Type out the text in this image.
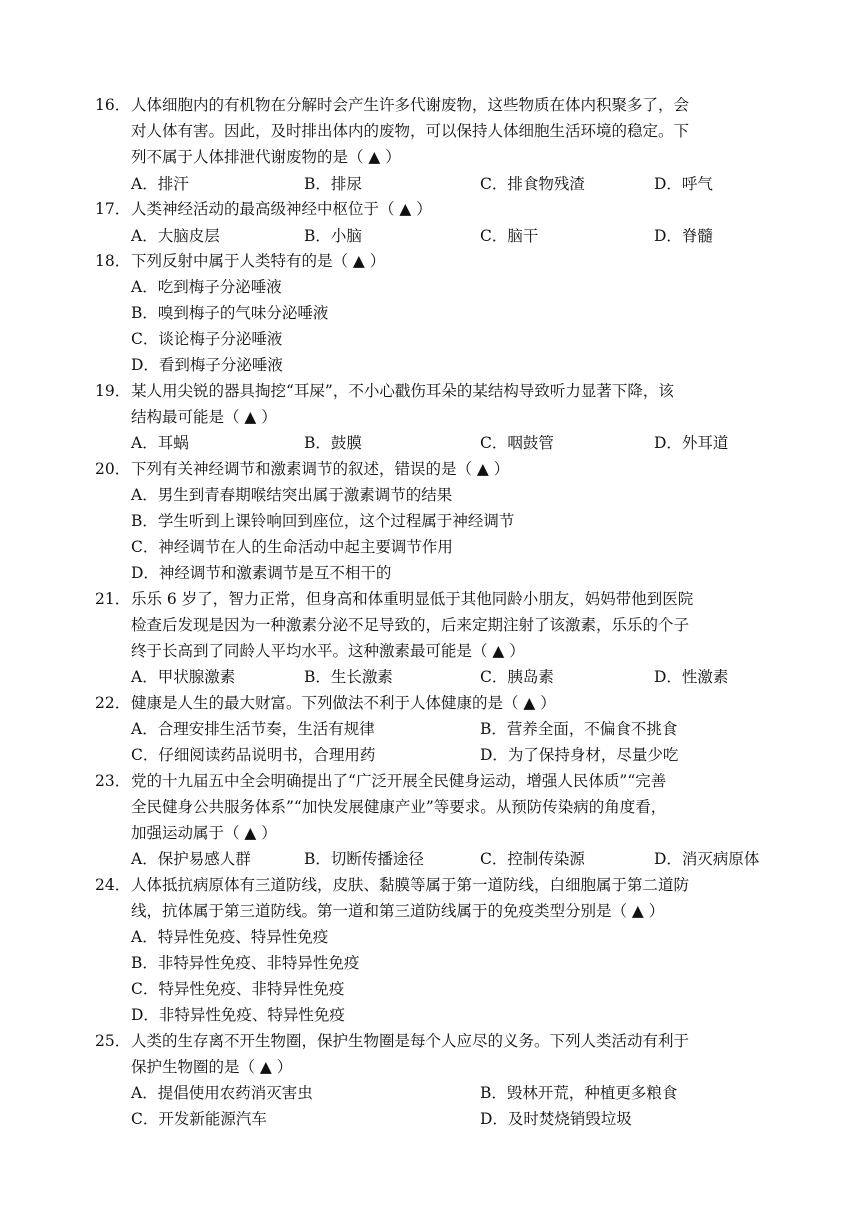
16． 人体细胞内的有机物在分解时会产生许多代谢废物，这些物质在体内积聚多了，会
对人体有害。因此，及时排出体内的废物，可以保持人体细胞生活环境的稳定。下
列不属于人体排泄代谢废物的是（ ▲ ）
A．排汗	B．排尿	C．排食物残渣	D．呼气
17． 人类神经活动的最高级神经中枢位于（ ▲ ）
A．大脑皮层	B．小脑	C．脑干	D．脊髓
18． 下列反射中属于人类特有的是（ ▲ ）
A．吃到梅子分泌唾液
B．嗅到梅子的气味分泌唾液
C．谈论梅子分泌唾液
D．看到梅子分泌唾液
19． 某人用尖锐的器具掏挖“耳屎”，不小心戳伤耳朵的某结构导致听力显著下降，该
结构最可能是（ ▲ ）
A．耳蜗	B．鼓膜	C．咽鼓管	D．外耳道
20． 下列有关神经调节和激素调节的叙述，错误的是（ ▲ ）
A．男生到青春期喉结突出属于激素调节的结果
B．学生听到上课铃响回到座位，这个过程属于神经调节
C．神经调节在人的生命活动中起主要调节作用
D．神经调节和激素调节是互不相干的
21． 乐乐 6 岁了，智力正常，但身高和体重明显低于其他同龄小朋友，妈妈带他到医院
检查后发现是因为一种激素分泌不足导致的，后来定期注射了该激素，乐乐的个子
终于长高到了同龄人平均水平。这种激素最可能是（ ▲ ）
A．甲状腺激素	B．生长激素	C．胰岛素	D．性激素
22． 健康是人生的最大财富。下列做法不利于人体健康的是（ ▲ ）
A．合理安排生活节奏，生活有规律	B．营养全面，不偏食不挑食
C．仔细阅读药品说明书，合理用药	D．为了保持身材，尽量少吃
23． 党的十九届五中全会明确提出了“广泛开展全民健身运动，增强人民体质”“完善
全民健身公共服务体系”“加快发展健康产业”等要求。从预防传染病的角度看，
加强运动属于（ ▲ ）
A．保护易感人群	B．切断传播途径	C．控制传染源	D．消灭病原体
24． 人体抵抗病原体有三道防线，皮肤、黏膜等属于第一道防线，白细胞属于第二道防
线，抗体属于第三道防线。第一道和第三道防线属于的免疫类型分别是（ ▲ ）
A．特异性免疫、特异性免疫
B．非特异性免疫、非特异性免疫
C．特异性免疫、非特异性免疫
D．非特异性免疫、特异性免疫
25． 人类的生存离不开生物圈，保护生物圈是每个人应尽的义务。下列人类活动有利于
保护生物圈的是（ ▲ ）
A．提倡使用农药消灭害虫	B．毁林开荒，种植更多粮食
C．开发新能源汽车	D．及时焚烧销毁垃圾
